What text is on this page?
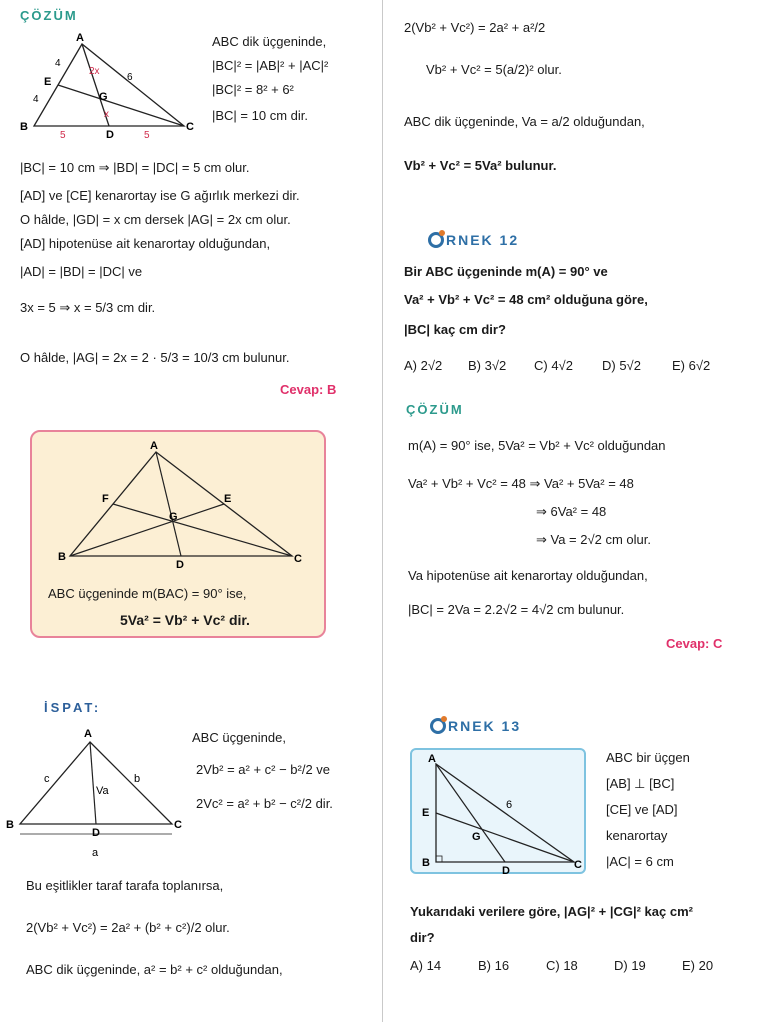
ÇÖZÜM
A
B	C
D
E
G
4
4
6
2x
x
5	5
ABC dik üçgeninde,
|BC|² = |AB|² + |AC|²
|BC|² = 8² + 6²
|BC| = 10 cm dir.
|BC| = 10 cm ⇒ |BD| = |DC| = 5 cm olur.
[AD] ve [CE] kenarortay ise G ağırlık merkezi dir.
O hâlde, |GD| = x cm dersek |AG| = 2x cm olur.
[AD] hipotenüse ait kenarortay olduğundan,
|AD| = |BD| = |DC| ve
3x = 5 ⇒ x = 5/3 cm dir.
O hâlde, |AG| = 2x = 2 · 5/3 = 10/3 cm bulunur.
Cevap: B
A
B	C
D
E
F
G
ABC üçgeninde m(BAC) = 90° ise,
5Va² = Vb² + Vc² dir.
İSPAT:
A
B	C
D
a
b
c
Va
ABC üçgeninde,
2Vb² = a² + c² − b²/2 ve
2Vc² = a² + b² − c²/2 dir.
Bu eşitlikler taraf tarafa toplanırsa,
2(Vb² + Vc²) = 2a² + (b² + c²)/2 olur.
ABC dik üçgeninde, a² = b² + c² olduğundan,
2(Vb² + Vc²) = 2a² + a²/2
Vb² + Vc² = 5(a/2)² olur.
ABC dik üçgeninde, Va = a/2 olduğundan,
Vb² + Vc² = 5Va² bulunur.
RNEK 12
Bir ABC üçgeninde m(A) = 90° ve
Va² + Vb² + Vc² = 48 cm² olduğuna göre,
|BC| kaç cm dir?
A) 2√2	B) 3√2	C) 4√2	D) 5√2	E) 6√2
ÇÖZÜM
m(A) = 90° ise, 5Va² = Vb² + Vc² olduğundan
Va² + Vb² + Vc² = 48 ⇒ Va² + 5Va² = 48
⇒ 6Va² = 48
⇒ Va = 2√2 cm olur.
Va hipotenüse ait kenarortay olduğundan,
|BC| = 2Va = 2.2√2 = 4√2 cm bulunur.
Cevap: C
RNEK 13
A
B	C
D
E
G
6
ABC bir üçgen
[AB] ⊥ [BC]
[CE] ve [AD]
kenarortay
|AC| = 6 cm
Yukarıdaki verilere göre, |AG|² + |CG|² kaç cm²
dir?
A) 14	B) 16	C) 18	D) 19	E) 20
